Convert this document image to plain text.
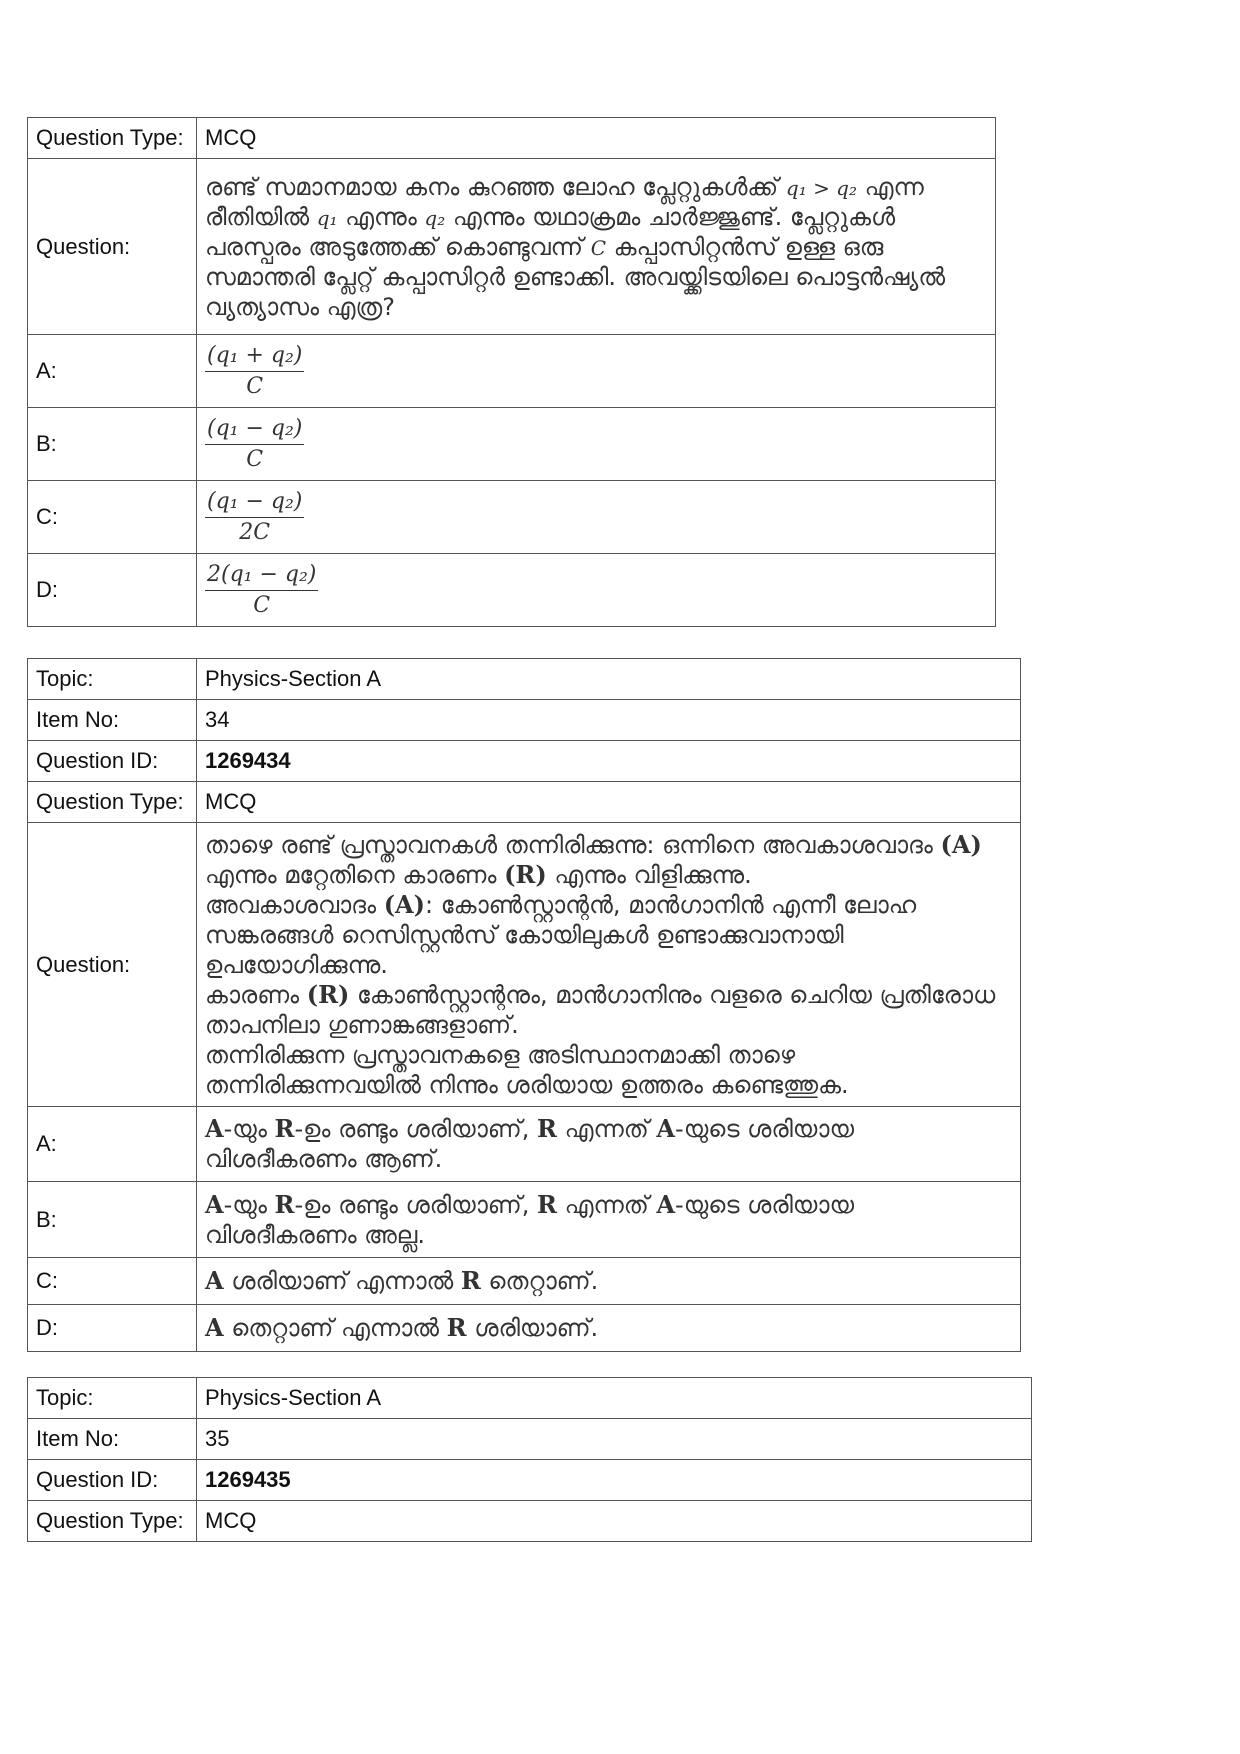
Question Type:	MCQ
Question:	രണ്ട് സമാനമായ കനം കുറഞ്ഞ ലോഹ പ്ലേറ്റുകൾക്ക് q₁ > q₂ എന്ന രീതിയിൽ q₁ എന്നും q₂ എന്നും യഥാക്രമം ചാർജ്ജുണ്ട്. പ്ലേറ്റുകൾ പരസ്പരം അടുത്തേക്ക് കൊണ്ടുവന്ന് C കപ്പാസിറ്റൻസ് ഉള്ള ഒരു സമാന്തരി പ്ലേറ്റ് കപ്പാസിറ്റർ ഉണ്ടാക്കി. അവയ്ക്കിടയിലെ പൊട്ടൻഷ്യൽ വ്യത്യാസം എത്ര?
A:	$\frac{\text{(q₁ + q₂)}}{C}$

B:	$\frac{\text{(q₁ − q₂)}}{C}$

C:	$\frac{\text{(q₁ − q₂)}}{2C}$

D:	$\frac{\text{2(q₁ − q₂)}}{C}$
Topic:	Physics-Section A
Item No:	34
Question ID:	1269434
Question Type:	MCQ
Question:	താഴെ രണ്ട് പ്രസ്താവനകൾ തന്നിരിക്കുന്നു: ഒന്നിനെ അവകാശവാദം (A) എന്നും മറ്റേതിനെ കാരണം (R) എന്നും വിളിക്കുന്നു.
അവകാശവാദം (A): കോൺസ്റ്റാന്റൻ, മാൻഗാനിൻ എന്നീ ലോഹ സങ്കരങ്ങൾ റെസിസ്റ്റൻസ് കോയിലുകൾ ഉണ്ടാക്കുവാനായി ഉപയോഗിക്കുന്നു.
കാരണം (R) കോൺസ്റ്റാന്റനും, മാൻഗാനിനും വളരെ ചെറിയ പ്രതിരോധ താപനിലാ ഗുണാങ്കങ്ങളാണ്.
തന്നിരിക്കുന്ന പ്രസ്താവനകളെ അടിസ്ഥാനമാക്കി താഴെ തന്നിരിക്കുന്നവയിൽ നിന്നും ശരിയായ ഉത്തരം കണ്ടെത്തുക.

A:	A-യും R-ഉം രണ്ടും ശരിയാണ്, R എന്നത് A-യുടെ ശരിയായ വിശദീകരണം ആണ്.
B:	A-യും R-ഉം രണ്ടും ശരിയാണ്, R എന്നത് A-യുടെ ശരിയായ വിശദീകരണം അല്ല.
C:	A ശരിയാണ് എന്നാൽ R തെറ്റാണ്.
D:	A തെറ്റാണ് എന്നാൽ R ശരിയാണ്.
Topic:	Physics-Section A
Item No:	35
Question ID:	1269435
Question Type:	MCQ
